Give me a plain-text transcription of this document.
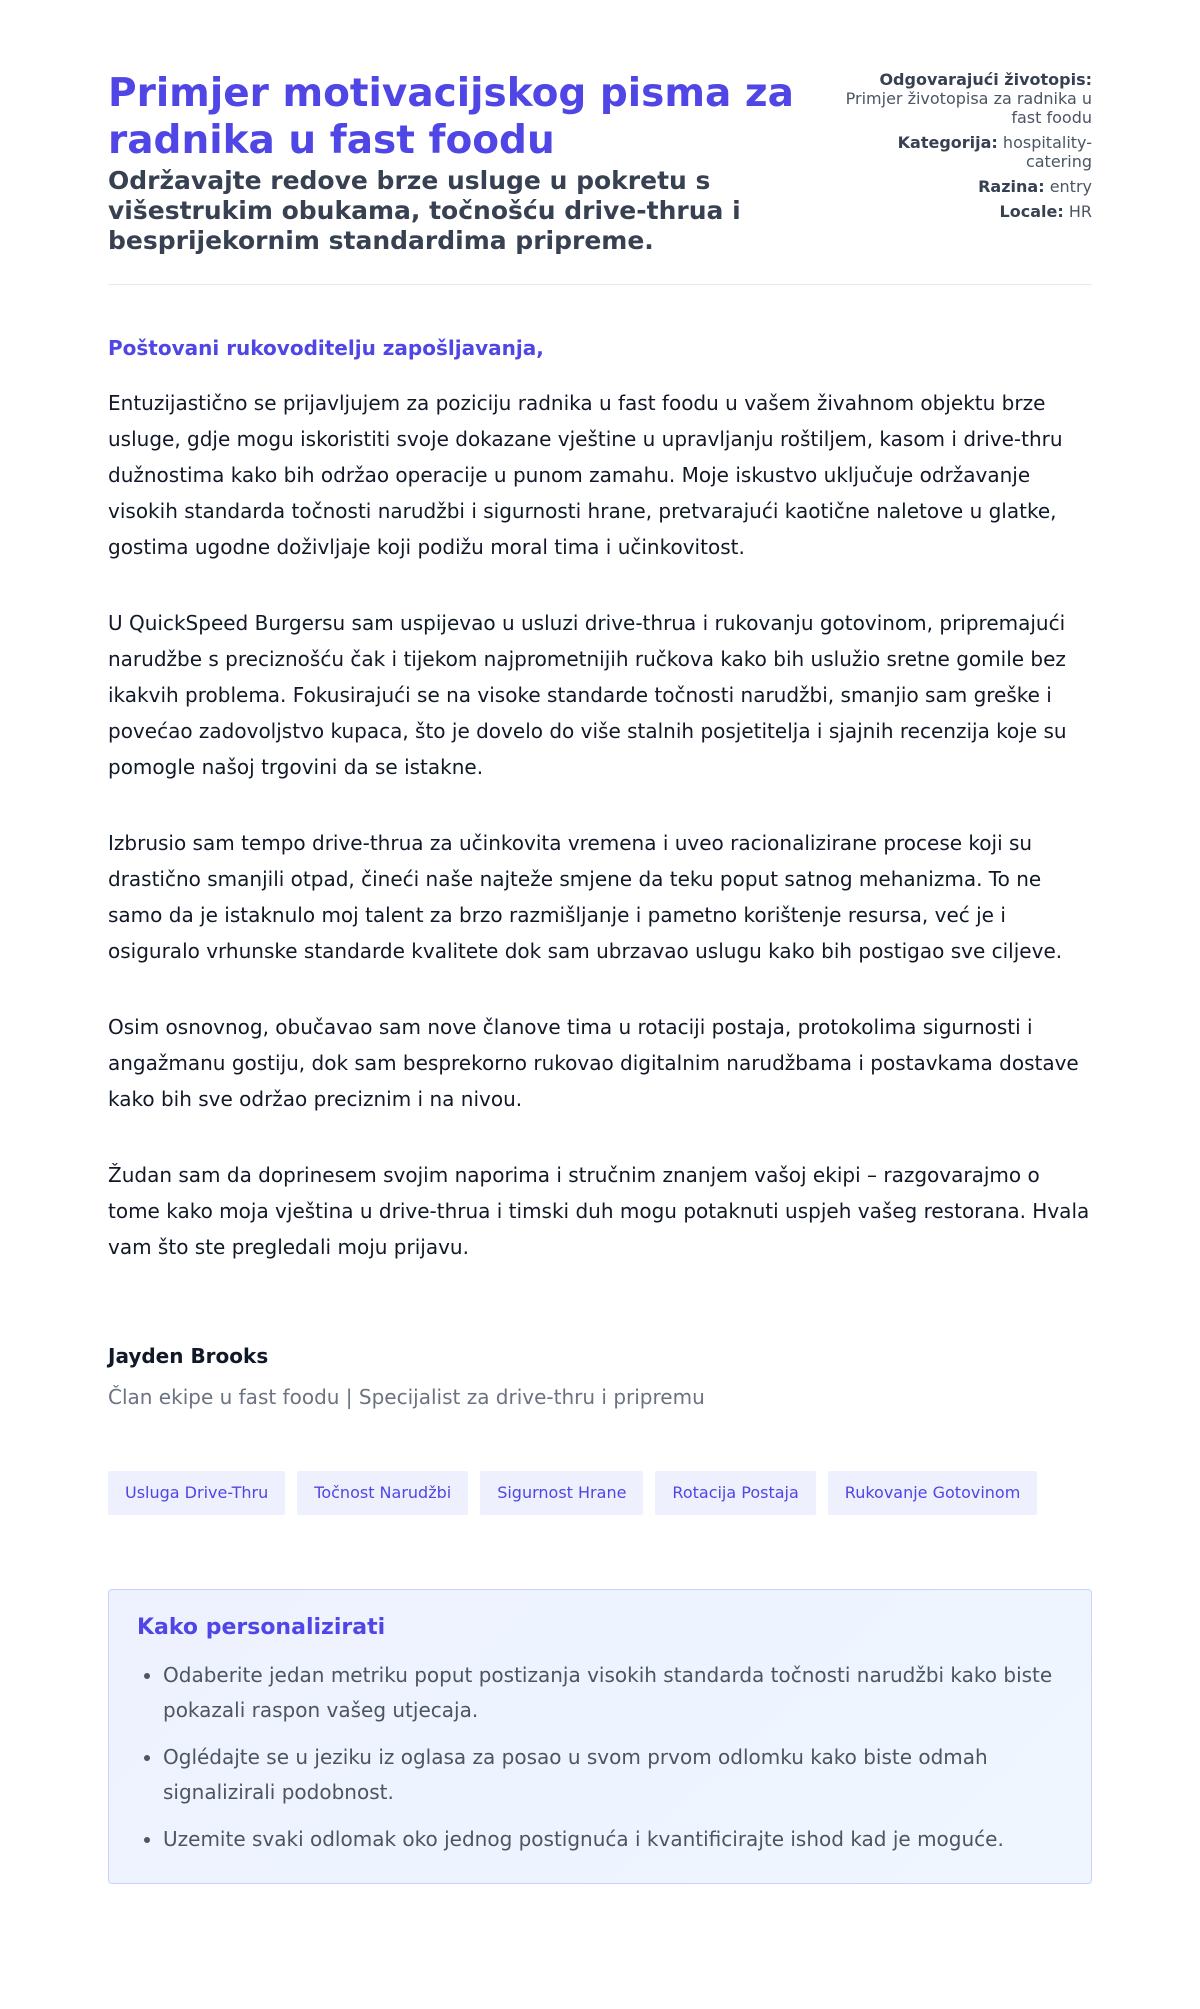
Primjer motivacijskog pisma za radnika u fast foodu
Održavajte redove brze usluge u pokretu s višestrukim obukama, točnošću drive-thrua i besprijekornim standardima pripreme.
Odgovarajući životopis:
Primjer životopisa za radnika u fast foodu
Kategorija: hospitality-catering
Razina: entry
Locale: HR

Poštovani rukovoditelju zapošljavanja,

Entuzijastično se prijavljujem za poziciju radnika u fast foodu u vašem živahnom objektu brze usluge, gdje mogu iskoristiti svoje dokazane vještine u upravljanju roštiljem, kasom i drive-thru dužnostima kako bih održao operacije u punom zamahu. Moje iskustvo uključuje održavanje visokih standarda točnosti narudžbi i sigurnosti hrane, pretvarajući kaotične naletove u glatke, gostima ugodne doživljaje koji podižu moral tima i učinkovitost.

U QuickSpeed Burgersu sam uspijevao u usluzi drive-thrua i rukovanju gotovinom, pripremajući narudžbe s preciznošću čak i tijekom najprometnijih ručkova kako bih uslužio sretne gomile bez ikakvih problema. Fokusirajući se na visoke standarde točnosti narudžbi, smanjio sam greške i povećao zadovoljstvo kupaca, što je dovelo do više stalnih posjetitelja i sjajnih recenzija koje su pomogle našoj trgovini da se istakne.

Izbrusio sam tempo drive-thrua za učinkovita vremena i uveo racionalizirane procese koji su drastično smanjili otpad, čineći naše najteže smjene da teku poput satnog mehanizma. To ne samo da je istaknulo moj talent za brzo razmišljanje i pametno korištenje resursa, već je i osiguralo vrhunske standarde kvalitete dok sam ubrzavao uslugu kako bih postigao sve ciljeve.

Osim osnovnog, obučavao sam nove članove tima u rotaciji postaja, protokolima sigurnosti i angažmanu gostiju, dok sam besprekorno rukovao digitalnim narudžbama i postavkama dostave kako bih sve održao preciznim i na nivou.

Žudan sam da doprinesem svojim naporima i stručnim znanjem vašoj ekipi – razgovarajmo o tome kako moja vještina u drive-thrua i timski duh mogu potaknuti uspjeh vašeg restorana. Hvala vam što ste pregledali moju prijavu.

Jayden Brooks

Član ekipe u fast foodu | Specijalist za drive-thru i pripremu

Usluga Drive-Thru	Točnost Narudžbi	Sigurnost Hrane	Rotacija Postaja	Rukovanje Gotovinom
Kako personalizirati
• Odaberite jedan metriku poput postizanja visokih standarda točnosti narudžbi kako biste pokazali raspon vašeg utjecaja.
• Oglédajte se u jeziku iz oglasa za posao u svom prvom odlomku kako biste odmah signalizirali podobnost.
• Uzemite svaki odlomak oko jednog postignuća i kvantificirajte ishod kad je moguće.
